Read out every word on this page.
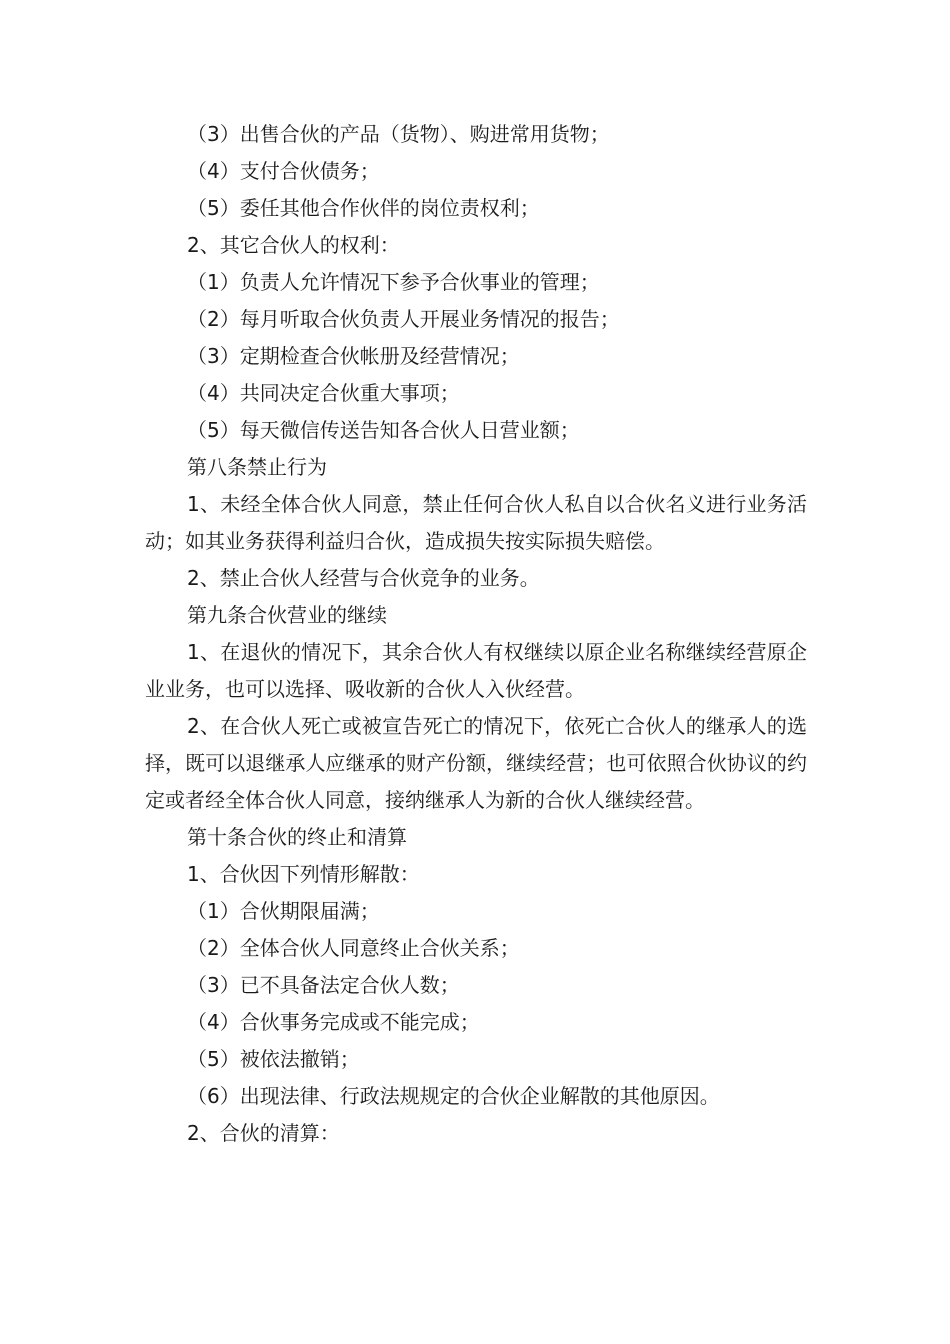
（3）出售合伙的产品（货物）、购进常用货物；

（4）支付合伙债务；

（5）委任其他合作伙伴的岗位责权利；

2、其它合伙人的权利：

（1）负责人允许情况下参予合伙事业的管理；

（2）每月听取合伙负责人开展业务情况的报告；

（3）定期检查合伙帐册及经营情况；

（4）共同决定合伙重大事项；

（5）每天微信传送告知各合伙人日营业额；

第八条禁止行为

1、未经全体合伙人同意，禁止任何合伙人私自以合伙名义进行业务活动；如其业务获得利益归合伙，造成损失按实际损失赔偿。

2、禁止合伙人经营与合伙竞争的业务。

第九条合伙营业的继续

1、在退伙的情况下，其余合伙人有权继续以原企业名称继续经营原企业业务，也可以选择、吸收新的合伙人入伙经营。

2、在合伙人死亡或被宣告死亡的情况下，依死亡合伙人的继承人的选择，既可以退继承人应继承的财产份额，继续经营；也可依照合伙协议的约定或者经全体合伙人同意，接纳继承人为新的合伙人继续经营。

第十条合伙的终止和清算

1、合伙因下列情形解散：

（1）合伙期限届满；

（2）全体合伙人同意终止合伙关系；

（3）已不具备法定合伙人数；

（4）合伙事务完成或不能完成；

（5）被依法撤销；

（6）出现法律、行政法规规定的合伙企业解散的其他原因。

2、合伙的清算：
